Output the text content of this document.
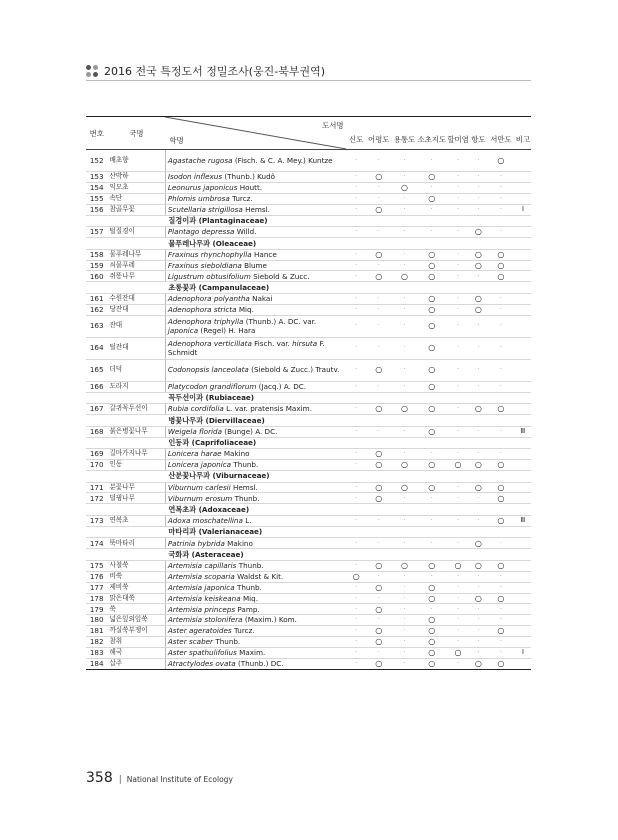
2016 전국 특정도서 정밀조사(웅진-북부권역)
번호	국명	도서명
학명	신도	어평도	용통도	소초지도	할미염	항도	서만도	비고
152	배초향	Agastache rugosa (Fisch. & C. A. Mey.) Kuntze	·	·	·	·	·	·	○	
153	산박하	Isodon inflexus (Thunb.) Kudô	·	○	·	○	·	·	·	
154	익모초	Leonurus japonicus Houtt.	·	·	○	·	·	·	·	
155	속단	Phlomis umbrosa Turcz.	·	·	·	○	·	·	·	
156	참골무꽃	Scutellaria strigillosa Hemsl.	·	○	·	·	·	·	·	I
		질경이과 (Plantaginaceae)								
157	털질경이	Plantago depressa Willd.	·	·	·	·	·	○	·	
		물푸레나무과 (Oleaceae)								
158	물푸레나무	Fraxinus rhynchophylla Hance	·	○	·	○	·	○	○	
159	쇠물푸레	Fraxinus sieboldiana Blume	·	·	·	○	·	○	○	
160	쥐똥나무	Ligustrum obtusifolium Siebold & Zucc.	·	○	○	○	·	·	○	
		초롱꽃과 (Campanulaceae)								
161	수원잔대	Adenophora polyantha Nakai	·	·	·	○	·	○	·	
162	당잔대	Adenophora stricta Miq.	·	·	·	○	·	○	·	
163	잔대	Adenophora triphylla (Thunb.) A. DC. var. japonica (Regel) H. Hara	·	·	·	○	·	·	·	
164	털잔대	Adenophora verticillata Fisch. var. hirsuta F. Schmidt	·	·	·	○	·	·	·	
165	더덕	Codonopsis lanceolata (Siebold & Zucc.) Trautv.	·	○	·	○	·	·	·	
166	도라지	Platycodon grandiflorum (Jacq.) A. DC.	·	·	·	○	·	·	·	
		꼭두선이과 (Rubiaceae)								
167	갈퀴꼭두선이	Rubia cordifolia L. var. pratensis Maxim.	·	○	○	○	·	○	○	
		병꽃나무과 (Diervillaceae)								
168	붉은병꽃나무	Weigela florida (Bunge) A. DC.	·	·	·	○	·	·	·	Ⅲ
		인동과 (Caprifoliaceae)								
169	길마가지나무	Lonicera harae Makino	·	○	·	·	·	·	·	
170	인동	Lonicera japonica Thunb.	·	○	○	○	○	○	○	
		산분꽃나무과 (Viburnaceae)								
171	분꽃나무	Viburnum carlesii Hemsl.	·	○	○	○	·	○	○	
172	덜꿩나무	Viburnum erosum Thunb.	·	○	·	·	·	·	○	
		연복초과 (Adoxaceae)								
173	연복초	Adoxa moschatellina L.	·	·	·	·	·	·	○	Ⅲ
		마타리과 (Valerianaceae)								
174	뚝마타리	Patrinia hybrida Makino	·	·	·	·	·	○	·	
		국화과 (Asteraceae)								
175	사철쑥	Artemisia capillaris Thunb.	·	○	○	○	○	○	○	
176	비쑥	Artemisia scoparia Waldst & Kit.	○	·	·	·	·	·	·	
177	제비쑥	Artemisia japonica Thunb.	·	○	·	○	·	·	·	
178	맑은대쑥	Artemisia keiskeana Miq.	·	·	·	○	·	○	○	
179	쑥	Artemisia princeps Pamp.	·	○	·	·	·	·	·	
180	넓은잎외잎쑥	Artemisia stolonifera (Maxim.) Kom.	·	·	·	○	·	·	·	
181	까실쑥부쟁이	Aster ageratoides Turcz.	·	○	·	○	·	·	○	
182	참취	Aster scaber Thunb.	·	○	·	○	·	·	·	
183	해국	Aster spathulifolius Maxim.	·	·	·	○	○	·	·	I
184	삽주	Atractylodes ovata (Thunb.) DC.	·	○	·	○	·	○	○	
358 | National Institute of Ecology
